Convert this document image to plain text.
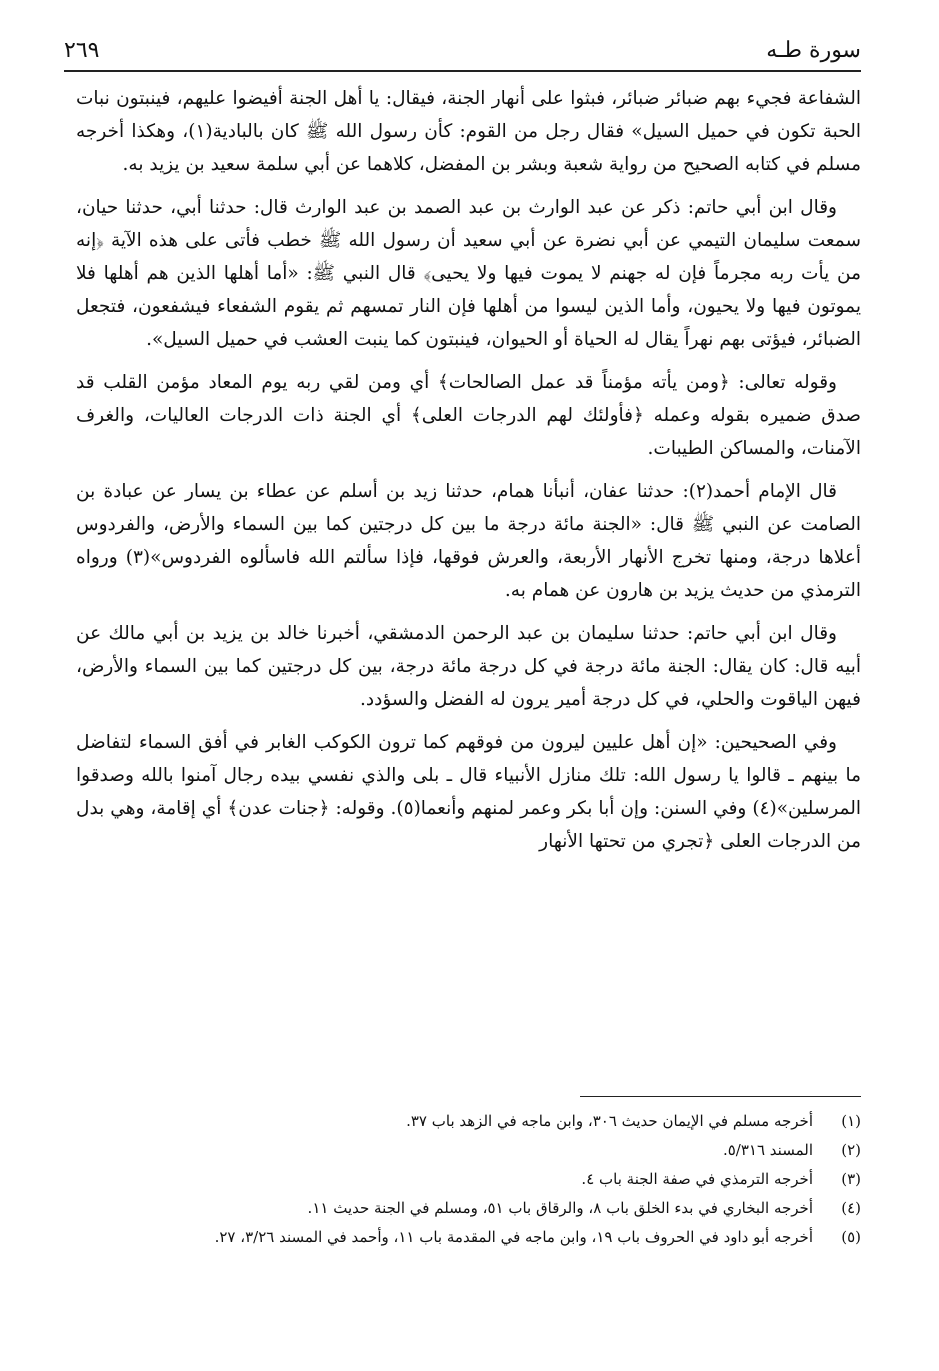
٢٦٩	سورة طـه

الشفاعة فجيء بهم ضبائر ضبائر، فبثوا على أنهار الجنة، فيقال: يا أهل الجنة أفيضوا عليهم، فينبتون نبات الحبة تكون في حميل السيل» فقال رجل من القوم: كأن رسول الله ﷺ كان بالبادية(١)، وهكذا أخرجه مسلم في كتابه الصحيح من رواية شعبة وبشر بن المفضل، كلاهما عن أبي سلمة سعيد بن يزيد به.

وقال ابن أبي حاتم: ذكر عن عبد الوارث بن عبد الصمد بن عبد الوارث قال: حدثنا أبي، حدثنا حيان، سمعت سليمان التيمي عن أبي نضرة عن أبي سعيد أن رسول الله ﷺ خطب فأتى على هذه الآية ﴿إنه من يأت ربه مجرماً فإن له جهنم لا يموت فيها ولا يحيى﴾ قال النبي ﷺ: «أما أهلها الذين هم أهلها فلا يموتون فيها ولا يحيون، وأما الذين ليسوا من أهلها فإن النار تمسهم ثم يقوم الشفعاء فيشفعون، فتجعل الضبائر، فيؤتى بهم نهراً يقال له الحياة أو الحيوان، فينبتون كما ينبت العشب في حميل السيل».

وقوله تعالى: ﴿ومن يأته مؤمناً قد عمل الصالحات﴾ أي ومن لقي ربه يوم المعاد مؤمن القلب قد صدق ضميره بقوله وعمله ﴿فأولئك لهم الدرجات العلى﴾ أي الجنة ذات الدرجات العاليات، والغرف الآمنات، والمساكن الطيبات.

قال الإمام أحمد(٢): حدثنا عفان، أنبأنا همام، حدثنا زيد بن أسلم عن عطاء بن يسار عن عبادة بن الصامت عن النبي ﷺ قال: «الجنة مائة درجة ما بين كل درجتين كما بين السماء والأرض، والفردوس أعلاها درجة، ومنها تخرج الأنهار الأربعة، والعرش فوقها، فإذا سألتم الله فاسألوه الفردوس»(٣) ورواه الترمذي من حديث يزيد بن هارون عن همام به.

وقال ابن أبي حاتم: حدثنا سليمان بن عبد الرحمن الدمشقي، أخبرنا خالد بن يزيد بن أبي مالك عن أبيه قال: كان يقال: الجنة مائة درجة في كل درجة مائة درجة، بين كل درجتين كما بين السماء والأرض، فيهن الياقوت والحلي، في كل درجة أمير يرون له الفضل والسؤدد.

وفي الصحيحين: «إن أهل عليين ليرون من فوقهم كما ترون الكوكب الغابر في أفق السماء لتفاضل ما بينهم ـ قالوا يا رسول الله: تلك منازل الأنبياء قال ـ بلى والذي نفسي بيده رجال آمنوا بالله وصدقوا المرسلين»(٤) وفي السنن: وإن أبا بكر وعمر لمنهم وأنعما(٥). وقوله: ﴿جنات عدن﴾ أي إقامة، وهي بدل من الدرجات العلى ﴿تجري من تحتها الأنهار

(١)
أخرجه مسلم في الإيمان حديث ٣٠٦، وابن ماجه في الزهد باب ٣٧.
(٢)
المسند ٥/٣١٦.
(٣)
أخرجه الترمذي في صفة الجنة باب ٤.
(٤)
أخرجه البخاري في بدء الخلق باب ٨، والرقاق باب ٥١، ومسلم في الجنة حديث ١١.
(٥)
أخرجه أبو داود في الحروف باب ١٩، وابن ماجه في المقدمة باب ١١، وأحمد في المسند ٣/٢٦، ٢٧.
